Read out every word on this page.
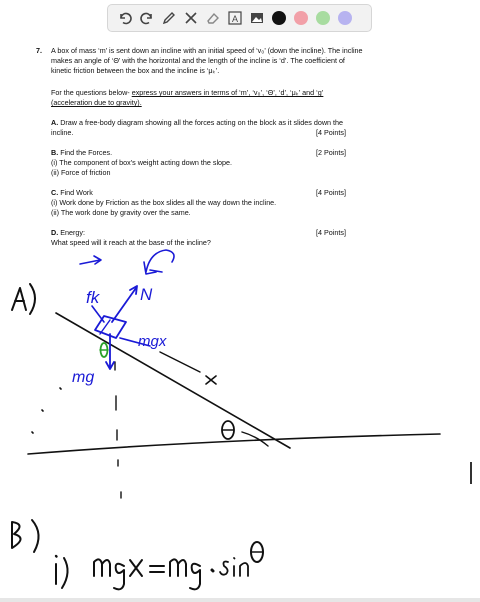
A
7. A box of mass ‘m’ is sent down an incline with an initial speed of ‘v₀’ (down the incline). The incline
makes an angle of ‘Θ’ with the horizontal and the length of the incline is ‘d’. The coefficient of
kinetic friction between the box and the incline is ‘μₖ’.
For the questions below- express your answers in terms of ‘m’, ‘v₀’, ‘Θ’, ‘d’, ‘μₖ’ and ‘g’
(acceleration due to gravity).
A. Draw a free-body diagram showing all the forces acting on the block as it slides down the
incline.	[4 Points]
B. Find the Forces.	[2 Points]
(i) The component of box's weight acting down the slope.
(ii) Force of friction
C. Find Work	[4 Points]
(i) Work done by Friction as the box slides all the way down the incline.
(ii) The work done by gravity over the same.
D. Energy:	[4 Points]
What speed will it reach at the base of the incline?
fk N
mgx
mg
